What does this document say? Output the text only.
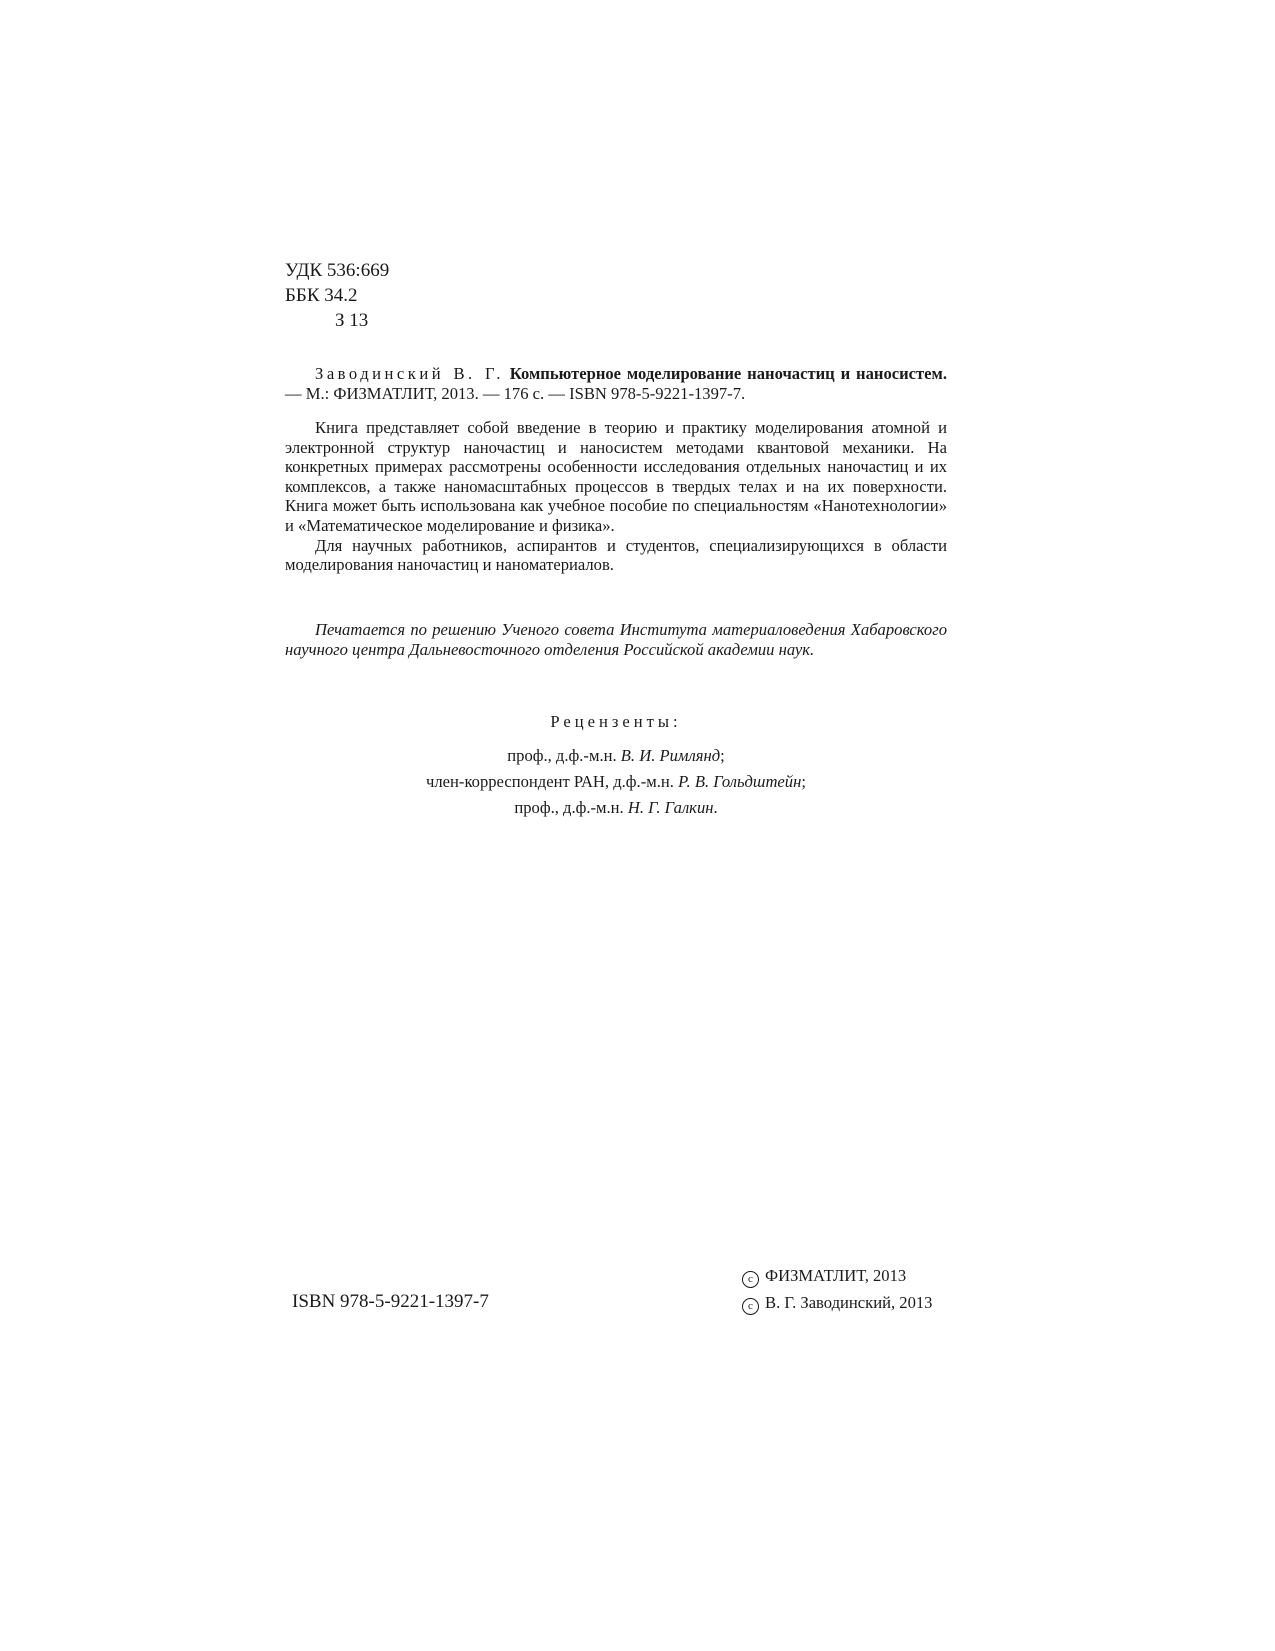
УДК 536:669
ББК 34.2
З 13

Заводинский В. Г. Компьютерное моделирование наночастиц и наносистем. — М.: ФИЗМАТЛИТ, 2013. — 176 с. — ISBN 978-5-9221-1397-7.

Книга представляет собой введение в теорию и практику моделирования атомной и электронной структур наночастиц и наносистем методами квантовой механики. На конкретных примерах рассмотрены особенности исследования отдельных наночастиц и их комплексов, а также наномасштабных процессов в твердых телах и на их поверхности. Книга может быть использована как учебное пособие по специальностям «Нанотехнологии» и «Математическое моделирование и физика».

Для научных работников, аспирантов и студентов, специализирующихся в области моделирования наночастиц и наноматериалов.

Печатается по решению Ученого совета Института материаловедения Хабаровского научного центра Дальневосточного отделения Российской академии наук.

Рецензенты:
проф., д.ф.-м.н. В. И. Римлянд;
член-корреспондент РАН, д.ф.-м.н. Р. В. Гольдштейн;
проф., д.ф.-м.н. Н. Г. Галкин.
ISBN 978-5-9221-1397-7
c ФИЗМАТЛИТ, 2013
c В. Г. Заводинский, 2013
